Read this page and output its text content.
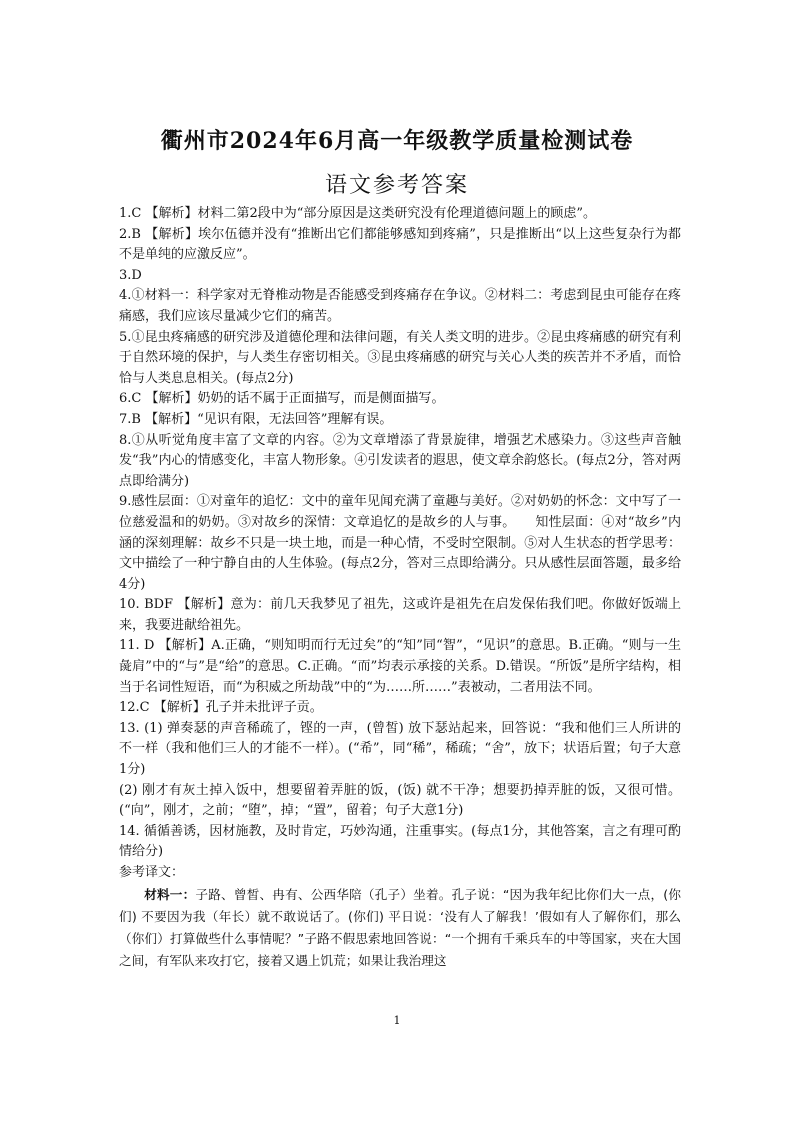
衢州市2024年6月高一年级教学质量检测试卷
语文参考答案

1.C 【解析】材料二第2段中为“部分原因是这类研究没有伦理道德问题上的顾虑”。

2.B 【解析】埃尔伍德并没有“推断出它们都能够感知到疼痛”，只是推断出“以上这些复杂行为都不是单纯的应激反应”。

3.D

4.①材料一：科学家对无脊椎动物是否能感受到疼痛存在争议。②材料二：考虑到昆虫可能存在疼痛感，我们应该尽量减少它们的痛苦。

5.①昆虫疼痛感的研究涉及道德伦理和法律问题，有关人类文明的进步。②昆虫疼痛感的研究有利于自然环境的保护，与人类生存密切相关。③昆虫疼痛感的研究与关心人类的疾苦并不矛盾，而恰恰与人类息息相关。(每点2分)

6.C 【解析】奶奶的话不属于正面描写，而是侧面描写。

7.B 【解析】“见识有限，无法回答”理解有误。

8.①从听觉角度丰富了文章的内容。②为文章增添了背景旋律，增强艺术感染力。③这些声音触发“我”内心的情感变化，丰富人物形象。④引发读者的遐思，使文章余韵悠长。(每点2分，答对两点即给满分)

9.感性层面：①对童年的追忆：文中的童年见闻充满了童趣与美好。②对奶奶的怀念：文中写了一位慈爱温和的奶奶。③对故乡的深情：文章追忆的是故乡的人与事。　　知性层面：④对“故乡”内涵的深刻理解：故乡不只是一块土地，而是一种心情，不受时空限制。⑤对人生状态的哲学思考：文中描绘了一种宁静自由的人生体验。(每点2分，答对三点即给满分。只从感性层面答题，最多给4分)

10. BDF 【解析】意为：前几天我梦见了祖先，这或许是祖先在启发保佑我们吧。你做好饭端上来，我要进献给祖先。

11. D 【解析】A.正确，“则知明而行无过矣”的“知”同“智”，“见识”的意思。B.正确。“则与一生彘肩”中的“与”是“给”的意思。C.正确。“而”均表示承接的关系。D.错误。“所饭”是所字结构，相当于名词性短语，而“为积威之所劫哉”中的“为……所……”表被动，二者用法不同。

12.C 【解析】孔子并未批评子贡。

13. (1) 弹奏瑟的声音稀疏了，铿的一声，(曾皙) 放下瑟站起来，回答说：“我和他们三人所讲的不一样（我和他们三人的才能不一样）。(“希”，同“稀”，稀疏；“舍”，放下；状语后置；句子大意1分)

(2) 刚才有灰土掉入饭中，想要留着弄脏的饭，(饭) 就不干净；想要扔掉弄脏的饭，又很可惜。(“向”，刚才，之前；“堕”，掉；“置”，留着；句子大意1分)

14. 循循善诱，因材施教，及时肯定，巧妙沟通，注重事实。(每点1分，其他答案，言之有理可酌情给分)

参考译文：

材料一：子路、曾皙、冉有、公西华陪（孔子）坐着。孔子说：“因为我年纪比你们大一点，(你们) 不要因为我（年长）就不敢说话了。(你们) 平日说：‘没有人了解我！’假如有人了解你们，那么（你们）打算做些什么事情呢？”子路不假思索地回答说：“一个拥有千乘兵车的中等国家，夹在大国之间，有军队来攻打它，接着又遇上饥荒；如果让我治理这

1
